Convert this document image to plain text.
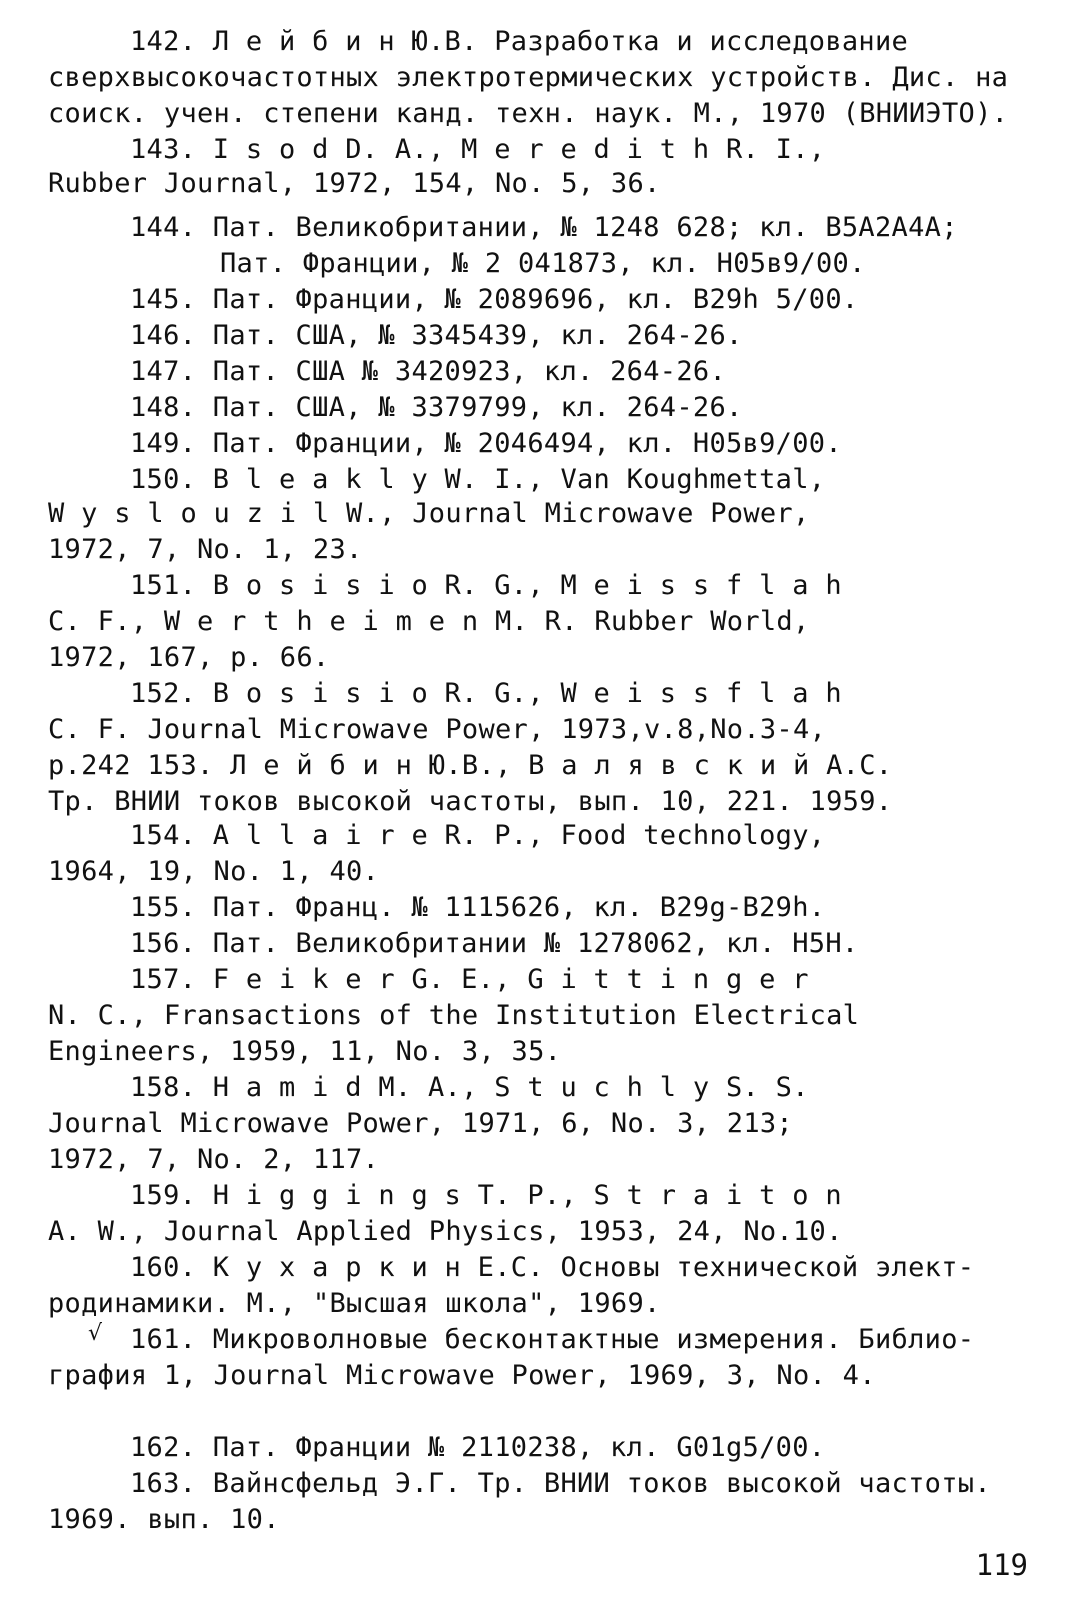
142. Л е й б и н Ю.В. Разработка и исследование
сверхвысокочастотных электротермических устройств. Дис. на
соиск. учен. степени канд. техн. наук. М., 1970 (ВНИИЭТО).
143. I s o d D. A., M e r e d i t h R. I.,
Rubber Journal, 1972, 154, No. 5, 36.
144. Пат. Великобритании, № 1248 628; кл. B5A2A4A;
Пат. Франции, № 2 041873, кл. H05в9/00.
145. Пат. Франции, № 2089696, кл. B29h 5/00.
146. Пат. США, № 3345439, кл. 264-26.
147. Пат. США № 3420923, кл. 264-26.
148. Пат. США, № 3379799, кл. 264-26.
149. Пат. Франции, № 2046494, кл. H05в9/00.
150. B l e a k l y W. I., Van Koughmettal,
W y s l o u z i l W., Journal Microwave Power,
1972, 7, No. 1, 23.
151. B o s i s i o R. G., M e i s s f l a h
C. F., W e r t h e i m e n M. R. Rubber World,
1972, 167, p. 66.
152. B o s i s i o R. G., W e i s s f l a h
C. F. Journal Microwave Power, 1973,v.8,No.3-4,
p.242 153. Л е й б и н Ю.В., В а л я в с к и й А.С.
Тр. ВНИИ токов высокой частоты, вып. 10, 221. 1959.
154. A l l a i r e R. P., Food technology,
1964, 19, No. 1, 40.
155. Пат. Франц. № 1115626, кл. B29g-B29h.
156. Пат. Великобритании № 1278062, кл. H5H.
157. F e i k e r G. E., G i t t i n g e r
N. C., Fransactions of the Institution Electrical
Engineers, 1959, 11, No. 3, 35.
158. H a m i d M. A., S t u c h l y S. S.
Journal Microwave Power, 1971, 6, No. 3, 213;
1972, 7, No. 2, 117.
159. H i g g i n g s T. P., S t r a i t o n
A. W., Journal Applied Physics, 1953, 24, No.10.
160. К у х а р к и н Е.С. Основы технической элект-
родинамики. М., "Высшая школа", 1969.
√ 161. Микроволновые бесконтактные измерения. Библио-
графия 1, Journal Microwave Power, 1969, 3, No. 4.
162. Пат. Франции № 2110238, кл. G01g5/00.
163. Вайнсфельд Э.Г. Тр. ВНИИ токов высокой частоты.
1969. вып. 10.
119
